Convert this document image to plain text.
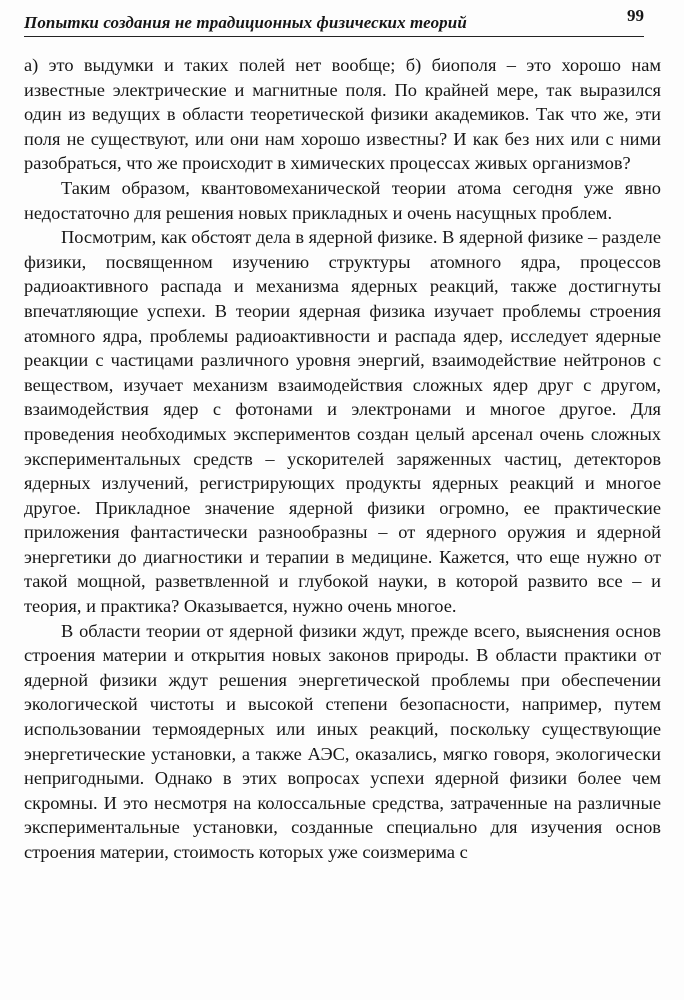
Попытки создания не традиционных физических теорий	99

а) это выдумки и таких полей нет вообще; б) биополя – это хорошо нам известные электрические и магнитные поля. По крайней мере, так выразился один из ведущих в области теоретической физики академиков. Так что же, эти поля не существуют, или они нам хорошо известны? И как без них или с ними разобраться, что же происходит в химических процессах живых организмов?

Таким образом, квантовомеханической теории атома сегодня уже явно недостаточно для решения новых прикладных и очень насущных проблем.

Посмотрим, как обстоят дела в ядерной физике. В ядерной физике – разделе физики, посвященном изучению структуры атомного ядра, процессов радиоактивного распада и механизма ядерных реакций, также достигнуты впечатляющие успехи. В теории ядерная физика изучает проблемы строения атомного ядра, проблемы радиоактивности и распада ядер, исследует ядерные реакции с частицами различного уровня энергий, взаимодействие нейтронов с веществом, изучает механизм взаимодействия сложных ядер друг с другом, взаимодействия ядер с фотонами и электронами и многое другое. Для проведения необходимых экспериментов создан целый арсенал очень сложных экспериментальных средств – ускорителей заряженных частиц, детекторов ядерных излучений, регистрирующих продукты ядерных реакций и многое другое. Прикладное значение ядерной физики огромно, ее практические приложения фантастически разнообразны – от ядерного оружия и ядерной энергетики до диагностики и терапии в медицине. Кажется, что еще нужно от такой мощной, разветвленной и глубокой науки, в которой развито все – и теория, и практика? Оказывается, нужно очень многое.

В области теории от ядерной физики ждут, прежде всего, выяснения основ строения материи и открытия новых законов природы. В области практики от ядерной физики ждут решения энергетической проблемы при обеспечении экологической чистоты и высокой степени безопасности, например, путем использовании термоядерных или иных реакций, поскольку существующие энергетические установки, а также АЭС, оказались, мягко говоря, экологически непригодными. Однако в этих вопросах успехи ядерной физики более чем скромны. И это несмотря на колоссальные средства, затраченные на различные экспериментальные установки, созданные специально для изучения основ строения материи, стоимость которых уже соизмерима с
